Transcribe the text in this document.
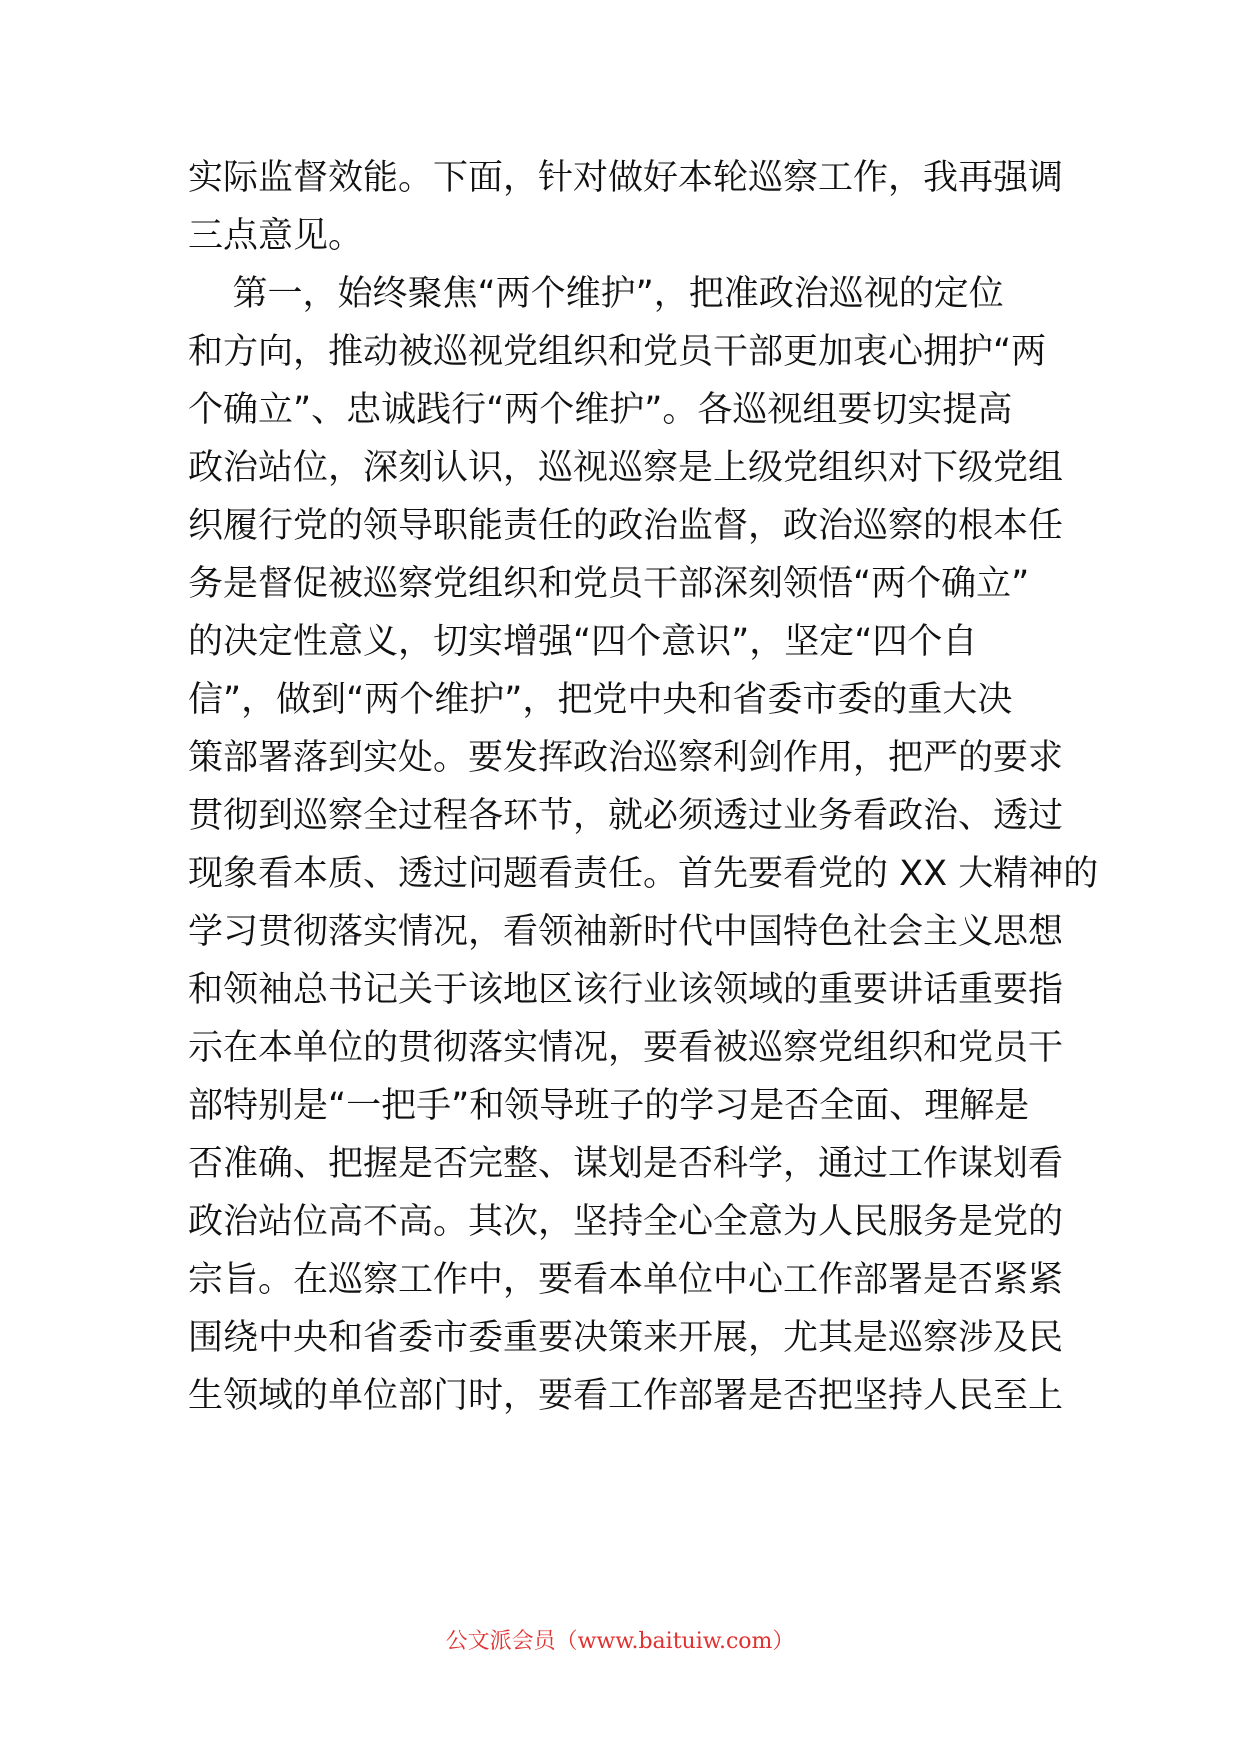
实际监督效能。下面，针对做好本轮巡察工作，我再强调
三点意见。
第一，始终聚焦“两个维护”，把准政治巡视的定位
和方向，推动被巡视党组织和党员干部更加衷心拥护“两
个确立”、忠诚践行“两个维护”。各巡视组要切实提高
政治站位，深刻认识，巡视巡察是上级党组织对下级党组
织履行党的领导职能责任的政治监督，政治巡察的根本任
务是督促被巡察党组织和党员干部深刻领悟“两个确立”
的决定性意义，切实增强“四个意识”，坚定“四个自
信”，做到“两个维护”，把党中央和省委市委的重大决
策部署落到实处。要发挥政治巡察利剑作用，把严的要求
贯彻到巡察全过程各环节，就必须透过业务看政治、透过
现象看本质、透过问题看责任。首先要看党的 XX 大精神的
学习贯彻落实情况，看领袖新时代中国特色社会主义思想
和领袖总书记关于该地区该行业该领域的重要讲话重要指
示在本单位的贯彻落实情况，要看被巡察党组织和党员干
部特别是“一把手”和领导班子的学习是否全面、理解是
否准确、把握是否完整、谋划是否科学，通过工作谋划看
政治站位高不高。其次，坚持全心全意为人民服务是党的
宗旨。在巡察工作中，要看本单位中心工作部署是否紧紧
围绕中央和省委市委重要决策来开展，尤其是巡察涉及民
生领域的单位部门时，要看工作部署是否把坚持人民至上
公文派会员（www.baituiw.com）
